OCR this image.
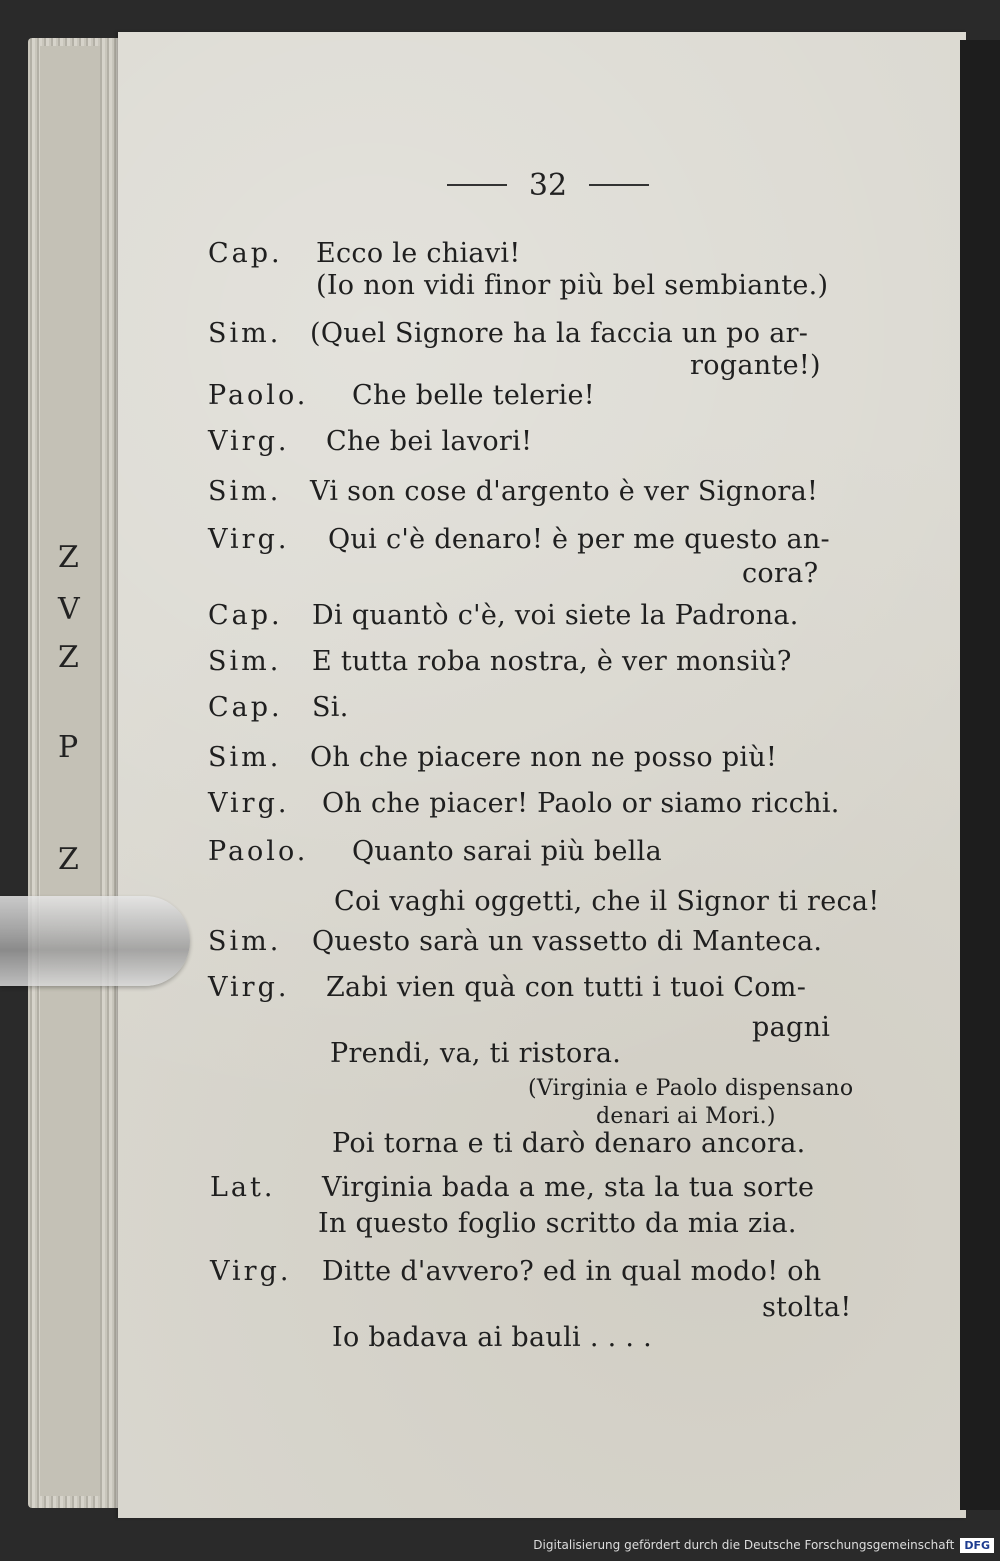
Z
V
Z
P
Z
32
Cap. Ecco le chiavi!
(Io non vidi finor più bel sembiante.)
Sim. (Quel Signore ha la faccia un po ar-
rogante!)
Paolo. Che belle telerie!
Virg. Che bei lavori!
Sim. Vi son cose d'argento è ver Signora!
Virg. Qui c'è denaro! è per me questo an-
cora?
Cap. Di quantò c'è, voi siete la Padrona.
Sim. E tutta roba nostra, è ver monsiù?
Cap. Si.
Sim. Oh che piacere non ne posso più!
Virg. Oh che piacer! Paolo or siamo ricchi.
Paolo. Quanto sarai più bella
Coi vaghi oggetti, che il Signor ti reca!
Sim. Questo sarà un vassetto di Manteca.
Virg. Zabi vien quà con tutti i tuoi Com-
pagni
Prendi, va, ti ristora.
(Virginia e Paolo dispensano
denari ai Mori.)
Poi torna e ti darò denaro ancora.
Lat. Virginia bada a me, sta la tua sorte
In questo foglio scritto da mia zia.
Virg. Ditte d'avvero? ed in qual modo! oh
stolta!
Io badava ai bauli . . . .
Digitalisierung gefördert durch die Deutsche Forschungsgemeinschaft DFG
